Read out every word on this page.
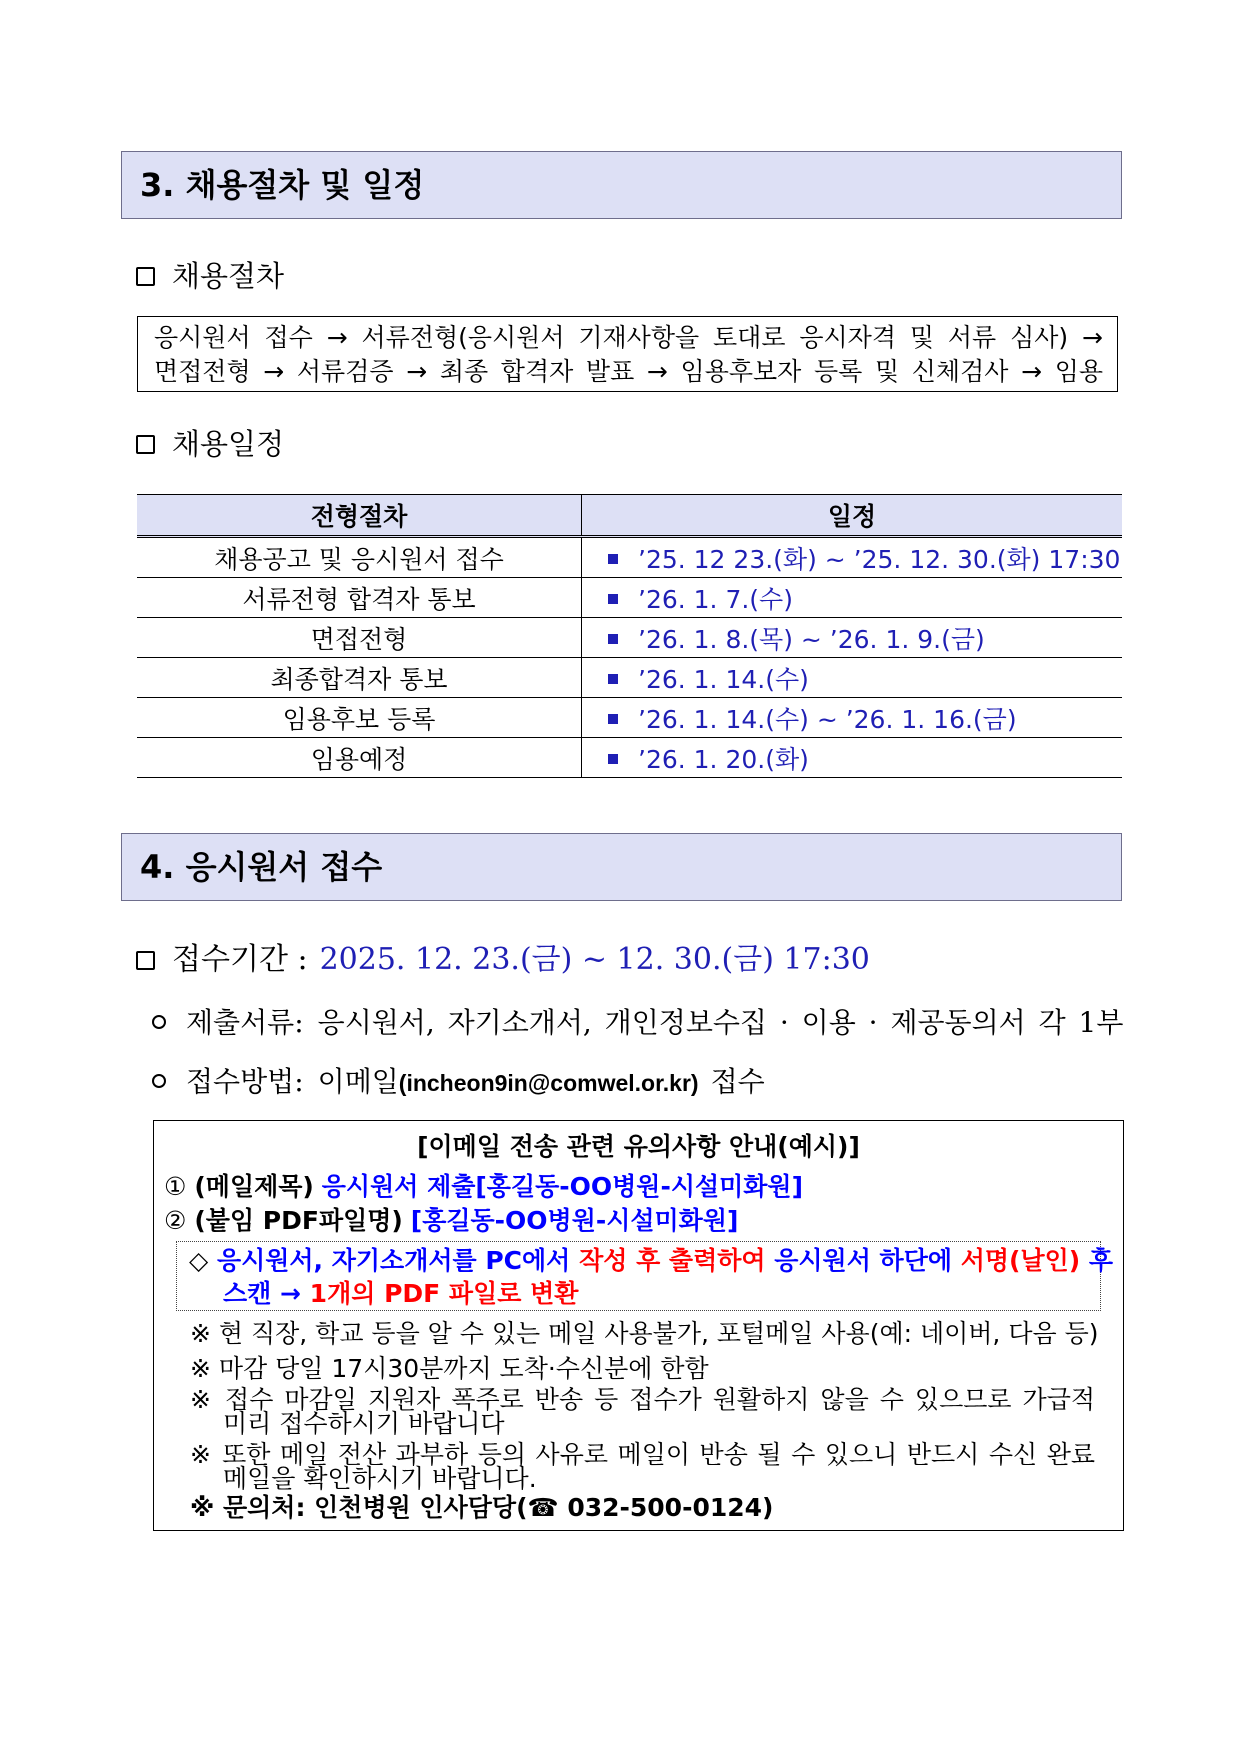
3. 채용절차 및 일정
채용절차
응시원서 접수 → 서류전형(응시원서 기재사항을 토대로 응시자격 및 서류 심사) →
면접전형 → 서류검증 → 최종 합격자 발표 → 임용후보자 등록 및 신체검사 → 임용
채용일정
전형절차	일정
채용공고 및 응시원서 접수	’25. 12 23.(화) ~ ’25. 12. 30.(화) 17:30
서류전형 합격자 통보	’26. 1. 7.(수)
면접전형	’26. 1. 8.(목) ~ ’26. 1. 9.(금)
최종합격자 통보	’26. 1. 14.(수)
임용후보 등록	’26. 1. 14.(수) ~ ’26. 1. 16.(금)
임용예정	’26. 1. 20.(화)
4. 응시원서 접수
접수기간 : 2025. 12. 23.(금) ~ 12. 30.(금) 17:30
제출서류: 응시원서, 자기소개서, 개인정보수집 · 이용 · 제공동의서 각 1부
접수방법: 이메일(incheon9in@comwel.or.kr) 접수
[이메일 전송 관련 유의사항 안내(예시)]
① (메일제목) 응시원서 제출[홍길동-OO병원-시설미화원]
② (붙임 PDF파일명) [홍길동-OO병원-시설미화원]
◇ 응시원서, 자기소개서를 PC에서 작성 후 출력하여 응시원서 하단에 서명(날인) 후
스캔 → 1개의 PDF 파일로 변환
※ 현 직장, 학교 등을 알 수 있는 메일 사용불가, 포털메일 사용(예: 네이버, 다음 등)
※ 마감 당일 17시30분까지 도착·수신분에 한함
※ 접수 마감일 지원자 폭주로 반송 등 접수가 원활하지 않을 수 있으므로 가급적
미리 접수하시기 바랍니다
※ 또한 메일 전산 과부하 등의 사유로 메일이 반송 될 수 있으니 반드시 수신 완료
메일을 확인하시기 바랍니다.
※ 문의처: 인천병원 인사담당(☎ 032-500-0124)
